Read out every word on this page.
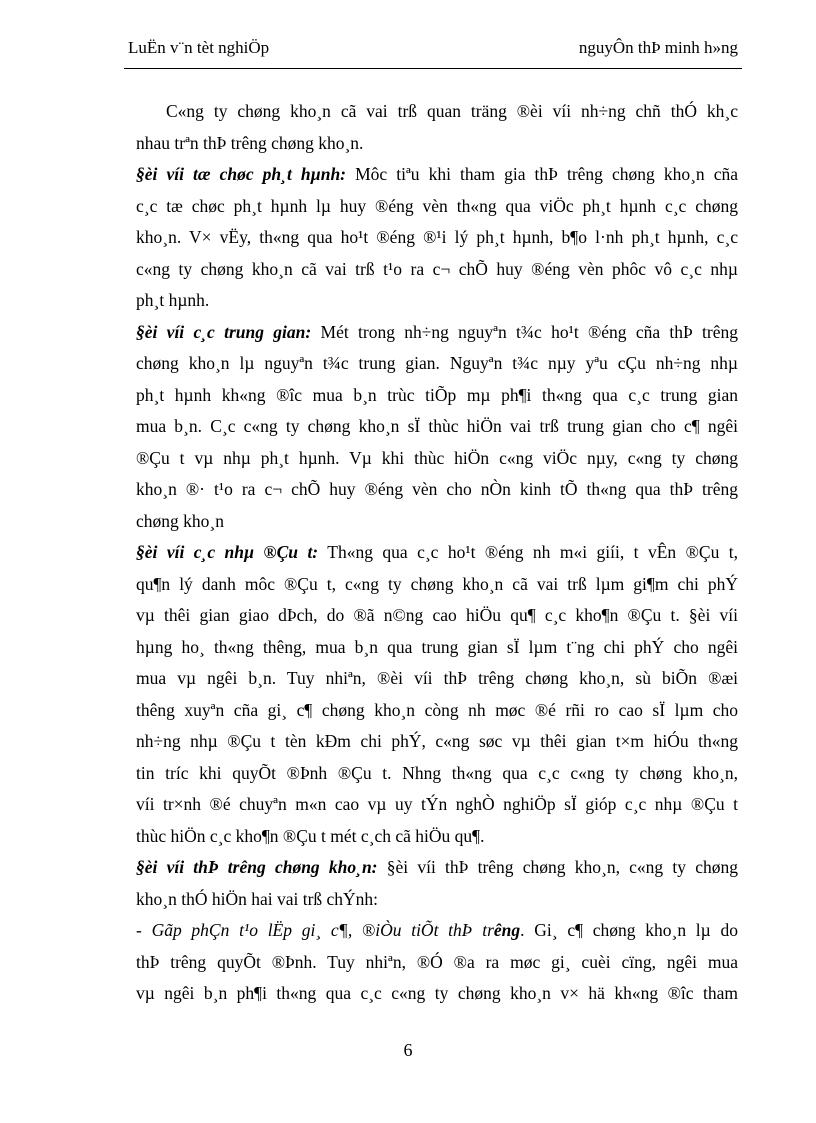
LuËn v¨n tèt nghiÖp	nguyÔn thÞ minh h»ng
C«ng ty chøng kho¸n cã vai trß quan träng ®èi víi nh÷ng chñ thÓ kh¸c
nhau trªn thÞ trêng chøng kho¸n.
§èi víi tæ chøc ph¸t hµnh: Môc tiªu khi tham gia thÞ trêng chøng kho¸n cña
c¸c tæ chøc ph¸t hµnh lµ huy ®éng vèn th«ng qua viÖc ph¸t hµnh c¸c chøng
kho¸n. V× vËy, th«ng qua ho¹t ®éng ®¹i lý ph¸t hµnh, b¶o l·nh ph¸t hµnh, c¸c
c«ng ty chøng kho¸n cã vai trß t¹o ra c¬ chÕ huy ®éng vèn phôc vô c¸c nhµ
ph¸t hµnh.
§èi víi c¸c trung gian: Mét trong nh÷ng nguyªn t¾c ho¹t ®éng cña thÞ trêng
chøng kho¸n lµ nguyªn t¾c trung gian. Nguyªn t¾c nµy yªu cÇu nh÷ng nhµ
ph¸t hµnh kh«ng ®îc mua b¸n trùc tiÕp mµ ph¶i th«ng qua c¸c trung gian
mua b¸n. C¸c c«ng ty chøng kho¸n sÏ thùc hiÖn vai trß trung gian cho c¶ ngêi
®Çu t vµ nhµ ph¸t hµnh. Vµ khi thùc hiÖn c«ng viÖc nµy, c«ng ty chøng
kho¸n ®· t¹o ra c¬ chÕ huy ®éng vèn cho nÒn kinh tÕ th«ng qua thÞ trêng
chøng kho¸n
§èi víi c¸c nhµ ®Çu t: Th«ng qua c¸c ho¹t ®éng nh m«i giíi, t vÊn ®Çu t,
qu¶n lý danh môc ®Çu t, c«ng ty chøng kho¸n cã vai trß lµm gi¶m chi phÝ
vµ thêi gian giao dÞch, do ®ã n©ng cao hiÖu qu¶ c¸c kho¶n ®Çu t. §èi víi
hµng ho¸ th«ng thêng, mua b¸n qua trung gian sÏ lµm t¨ng chi phÝ cho ngêi
mua vµ ngêi b¸n. Tuy nhiªn, ®èi víi thÞ trêng chøng kho¸n, sù biÕn ®æi
thêng xuyªn cña gi¸ c¶ chøng kho¸n còng nh møc ®é rñi ro cao sÏ lµm cho
nh÷ng nhµ ®Çu t tèn kÐm chi phÝ, c«ng søc vµ thêi gian t×m hiÓu th«ng
tin tríc khi quyÕt ®Þnh ®Çu t. Nhng th«ng qua c¸c c«ng ty chøng kho¸n,
víi tr×nh ®é chuyªn m«n cao vµ uy tÝn nghÒ nghiÖp sÏ gióp c¸c nhµ ®Çu t
thùc hiÖn c¸c kho¶n ®Çu t mét c¸ch cã hiÖu qu¶.
§èi víi thÞ trêng chøng kho¸n: §èi víi thÞ trêng chøng kho¸n, c«ng ty chøng
kho¸n thÓ hiÖn hai vai trß chÝnh:
- Gãp phÇn t¹o lËp gi¸ c¶, ®iÒu tiÕt thÞ trêng. Gi¸ c¶ chøng kho¸n lµ do
thÞ trêng quyÕt ®Þnh. Tuy nhiªn, ®Ó ®a ra møc gi¸ cuèi cïng, ngêi mua
vµ ngêi b¸n ph¶i th«ng qua c¸c c«ng ty chøng kho¸n v× hä kh«ng ®îc tham
6
